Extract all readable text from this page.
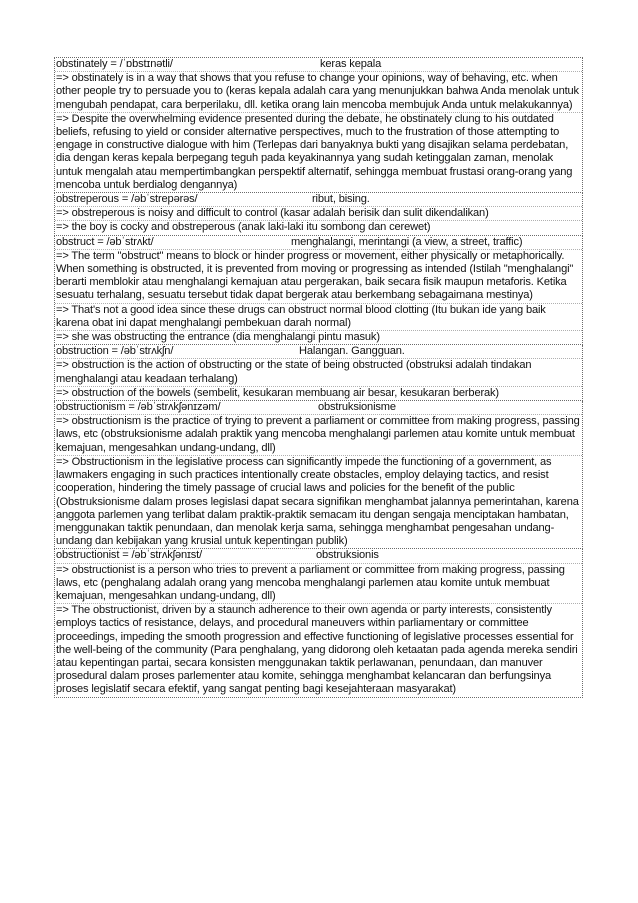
obstinately = /ˈɒbstɪnətli/	keras kepala
=> obstinately is in a way that shows that you refuse to change your opinions, way of behaving, etc. when other people try to persuade you to (keras kepala adalah cara yang menunjukkan bahwa Anda menolak untuk mengubah pendapat, cara berperilaku, dll. ketika orang lain mencoba membujuk Anda untuk melakukannya)
=> Despite the overwhelming evidence presented during the debate, he obstinately clung to his outdated beliefs, refusing to yield or consider alternative perspectives, much to the frustration of those attempting to engage in constructive dialogue with him (Terlepas dari banyaknya bukti yang disajikan selama perdebatan, dia dengan keras kepala berpegang teguh pada keyakinannya yang sudah ketinggalan zaman, menolak untuk mengalah atau mempertimbangkan perspektif alternatif, sehingga membuat frustasi orang-orang yang mencoba untuk berdialog dengannya)
obstreperous = /əbˈstrepərəs/	ribut, bising.
=> obstreperous is noisy and difficult to control (kasar adalah berisik dan sulit dikendalikan)
=> the boy is cocky and obstreperous (anak laki-laki itu sombong dan cerewet)
obstruct = /əbˈstrʌkt/	menghalangi, merintangi (a view, a street, traffic)
=> The term "obstruct" means to block or hinder progress or movement, either physically or metaphorically. When something is obstructed, it is prevented from moving or progressing as intended (Istilah "menghalangi" berarti memblokir atau menghalangi kemajuan atau pergerakan, baik secara fisik maupun metaforis. Ketika sesuatu terhalang, sesuatu tersebut tidak dapat bergerak atau berkembang sebagaimana mestinya)
=> That's not a good idea since these drugs can obstruct normal blood clotting (Itu bukan ide yang baik karena obat ini dapat menghalangi pembekuan darah normal)
=> she was obstructing the entrance (dia menghalangi pintu masuk)
obstruction = /əbˈstrʌkʃn/	Halangan. Gangguan.
=> obstruction is the action of obstructing or the state of being obstructed (obstruksi adalah tindakan menghalangi atau keadaan terhalang)
=> obstruction of the bowels (sembelit, kesukaran membuang air besar, kesukaran berberak)
obstructionism = /əbˈstrʌkʃənɪzəm/	obstruksionisme
=> obstructionism is the practice of trying to prevent a parliament or committee from making progress, passing laws, etc (obstruksionisme adalah praktik yang mencoba menghalangi parlemen atau komite untuk membuat kemajuan, mengesahkan undang-undang, dll)
=> Obstructionism in the legislative process can significantly impede the functioning of a government, as lawmakers engaging in such practices intentionally create obstacles, employ delaying tactics, and resist cooperation, hindering the timely passage of crucial laws and policies for the benefit of the public (Obstruksionisme dalam proses legislasi dapat secara signifikan menghambat jalannya pemerintahan, karena anggota parlemen yang terlibat dalam praktik-praktik semacam itu dengan sengaja menciptakan hambatan, menggunakan taktik penundaan, dan menolak kerja sama, sehingga menghambat pengesahan undang-undang dan kebijakan yang krusial untuk kepentingan publik)
obstructionist = /əbˈstrʌkʃənɪst/	obstruksionis
=> obstructionist is a person who tries to prevent a parliament or committee from making progress, passing laws, etc (penghalang adalah orang yang mencoba menghalangi parlemen atau komite untuk membuat kemajuan, mengesahkan undang-undang, dll)
=> The obstructionist, driven by a staunch adherence to their own agenda or party interests, consistently employs tactics of resistance, delays, and procedural maneuvers within parliamentary or committee proceedings, impeding the smooth progression and effective functioning of legislative processes essential for the well-being of the community (Para penghalang, yang didorong oleh ketaatan pada agenda mereka sendiri atau kepentingan partai, secara konsisten menggunakan taktik perlawanan, penundaan, dan manuver prosedural dalam proses parlementer atau komite, sehingga menghambat kelancaran dan berfungsinya proses legislatif secara efektif, yang sangat penting bagi kesejahteraan masyarakat)
